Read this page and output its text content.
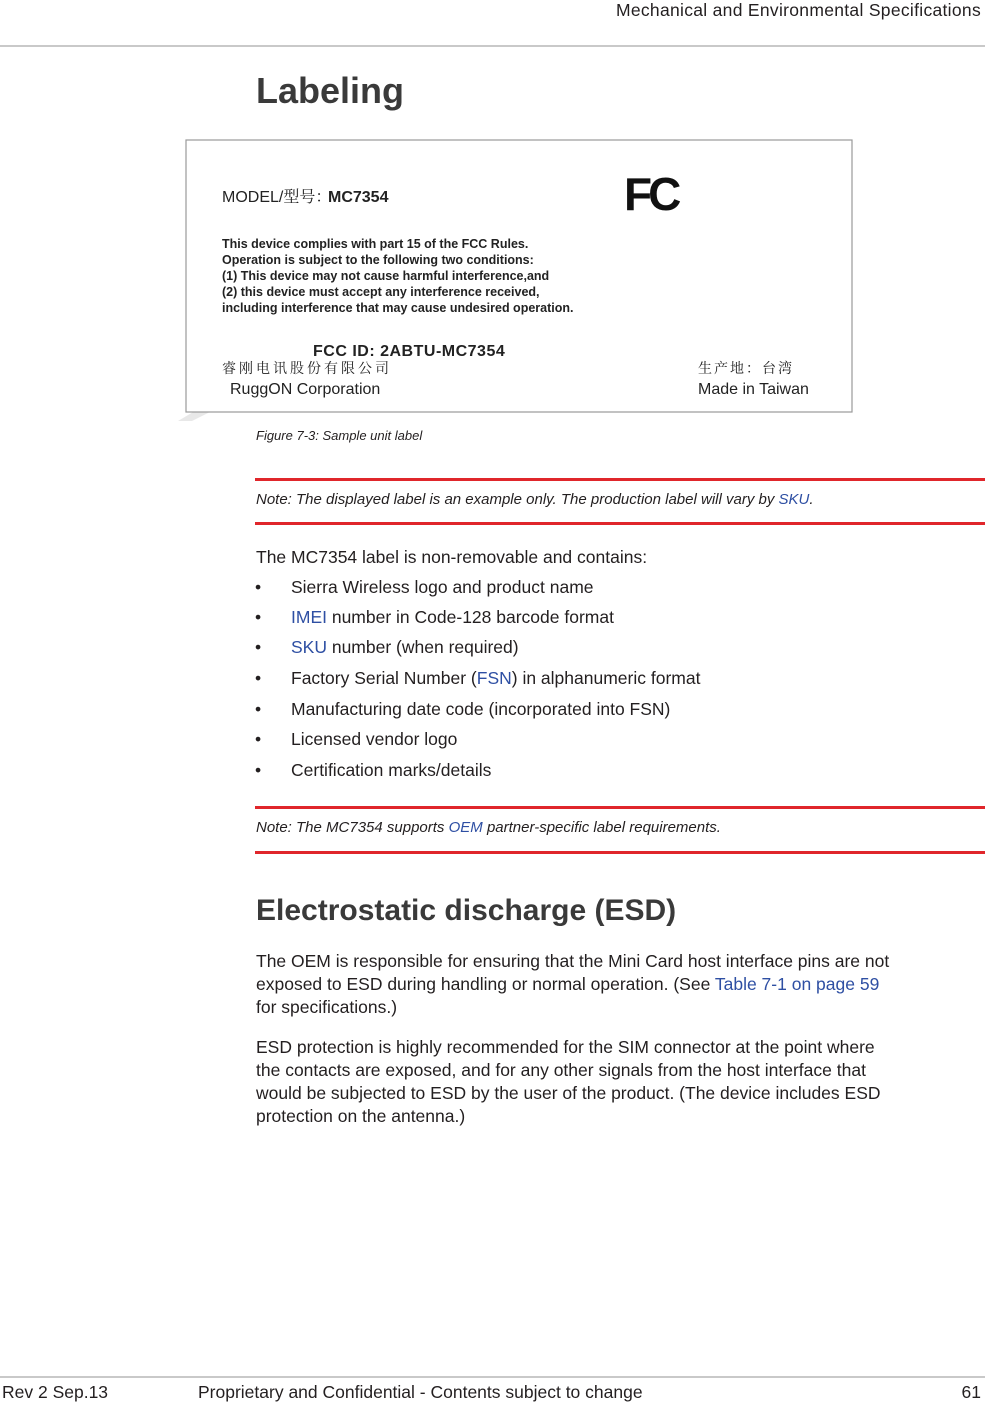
Mechanical and Environmental Specifications
Labeling
MODEL/型号：
MC7354	FC
This device complies with part 15 of the FCC Rules.
Operation is subject to the following two conditions:
(1) This device may not cause harmful interference,and
(2) this device must accept any interference received,
including interference that may cause undesired operation.
FCC ID: 2ABTU-MC7354
睿刚电讯股份有限公司
RuggON Corporation
生产地：台湾
Made in Taiwan
Figure 7-3: Sample unit label
Note: The displayed label is an example only. The production label will vary by SKU.
The MC7354 label is non-removable and contains:
• Sierra Wireless logo and product name
• IMEI number in Code-128 barcode format
• SKU number (when required)
• Factory Serial Number (FSN) in alphanumeric format
• Manufacturing date code (incorporated into FSN)
• Licensed vendor logo
• Certification marks/details
Note: The MC7354 supports OEM partner-specific label requirements.
Electrostatic discharge (ESD)
The OEM is responsible for ensuring that the Mini Card host interface pins are not
exposed to ESD during handling or normal operation. (See Table 7-1 on page 59
for specifications.)
ESD protection is highly recommended for the SIM connector at the point where
the contacts are exposed, and for any other signals from the host interface that
would be subjected to ESD by the user of the product. (The device includes ESD
protection on the antenna.)
Rev 2 Sep.13	Proprietary and Confidential - Contents subject to change	61
